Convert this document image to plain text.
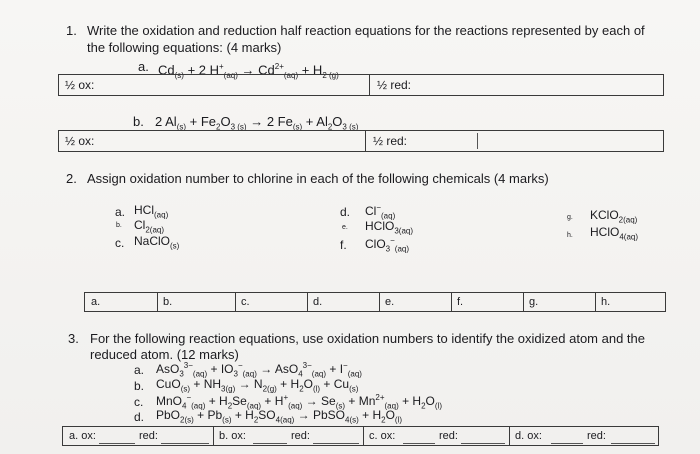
1. Write the oxidation and reduction half reaction equations for the reactions represented by each of
the following equations: (4 marks)
a. $Cd_{(s)} + 2$ $H^+_{(aq)} \to Cd^{2+}_{(aq)} + H_{2 (g)}$
½ ox:	½ red:
b. 2 $Al_{(s)} + Fe_2O_{3 (s)} \to 2$ $Fe_{(s)} + Al_2O_{3 (s)}$
½ ox:	½ red:
2. Assign oxidation number to chlorine in each of the following chemicals (4 marks)
a. HCl$_{(aq)}$
b. $Cl_{2(aq)}$
c. NaClO$_{(s)}$
d. $Cl^-_{(aq)}$
e. HClO$_{3(aq)}$
f. ClO$_3$−$_{(aq)}$
g. KClO$_{2(aq)}$
h. HClO$_{4(aq)}$
a.	b.	c.	d.	e.	f.	g.	h.
3. For the following reaction equations, use oxidation numbers to identify the oxidized atom and the
reduced atom. (12 marks)
a. $AsO_3^{3-}_{(aq)} + IO_3^-_{(aq)} \to AsO_4^{3-}_{(aq)} + I^-_{(aq)}$
b. $CuO_{(s)} + NH_{3(g)} \to N_{2(g)} + H_2O_{(l)} + Cu_{(s)}$
c. $MnO_4^-_{(aq)} + H_2Se_{(aq)} + H^+_{(aq)} \to Se_{(s)} + Mn^{2+}_{(aq)} + H_2O_{(l)}$
d. $PbO_{2(s)} + Pb_{(s)} + H_2SO_{4(aq)}$ → PbSO$_{4(s)}$ + $H_2O_{(l)}$
a. ox:	red:	b. ox:	red:	c. ox:	red:	d. ox:	red:
